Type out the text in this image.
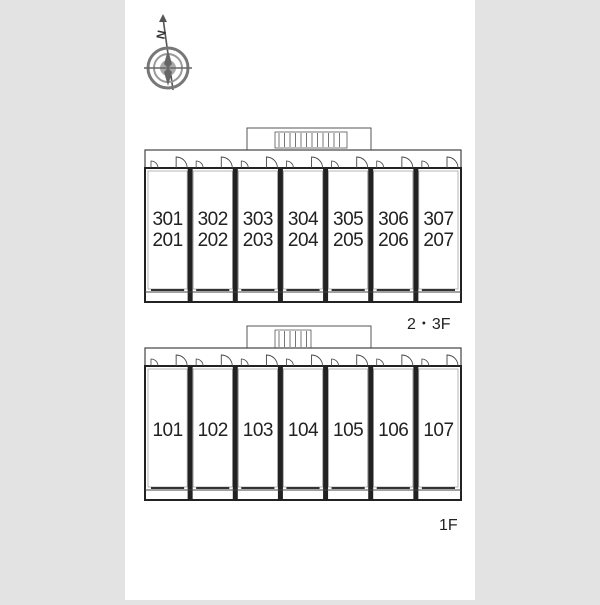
N
301
201
302
202
303
203
304
204
305
205
306
206
307
207
2・3F
101 102 103 104 105 106 107
1F
